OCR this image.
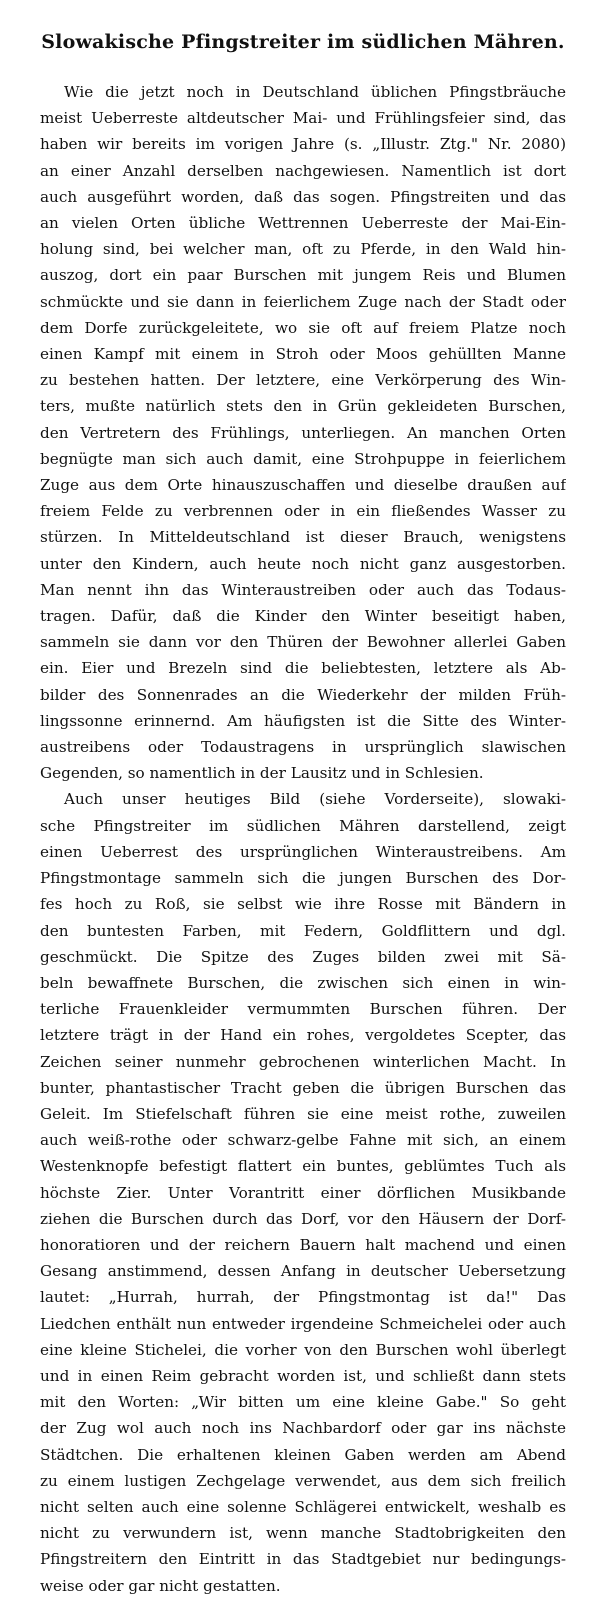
Slowakische Pfingstreiter im südlichen Mähren.
Wie die jetzt noch in Deutschland üblichen Pfingstbräuche
meist Ueberreste altdeutscher Mai- und Frühlingsfeier sind, das
haben wir bereits im vorigen Jahre (s. „Illustr. Ztg." Nr. 2080)
an einer Anzahl derselben nachgewiesen. Namentlich ist dort
auch ausgeführt worden, daß das sogen. Pfingstreiten und das
an vielen Orten übliche Wettrennen Ueberreste der Mai-Ein-
holung sind, bei welcher man, oft zu Pferde, in den Wald hin-
auszog, dort ein paar Burschen mit jungem Reis und Blumen
schmückte und sie dann in feierlichem Zuge nach der Stadt oder
dem Dorfe zurückgeleitete, wo sie oft auf freiem Platze noch
einen Kampf mit einem in Stroh oder Moos gehüllten Manne
zu bestehen hatten. Der letztere, eine Verkörperung des Win-
ters, mußte natürlich stets den in Grün gekleideten Burschen,
den Vertretern des Frühlings, unterliegen. An manchen Orten
begnügte man sich auch damit, eine Strohpuppe in feierlichem
Zuge aus dem Orte hinauszuschaffen und dieselbe draußen auf
freiem Felde zu verbrennen oder in ein fließendes Wasser zu
stürzen. In Mitteldeutschland ist dieser Brauch, wenigstens
unter den Kindern, auch heute noch nicht ganz ausgestorben.
Man nennt ihn das Winteraustreiben oder auch das Todaus-
tragen. Dafür, daß die Kinder den Winter beseitigt haben,
sammeln sie dann vor den Thüren der Bewohner allerlei Gaben
ein. Eier und Brezeln sind die beliebtesten, letztere als Ab-
bilder des Sonnenrades an die Wiederkehr der milden Früh-
lingssonne erinnernd. Am häufigsten ist die Sitte des Winter-
austreibens oder Todaustragens in ursprünglich slawischen
Gegenden, so namentlich in der Lausitz und in Schlesien.
Auch unser heutiges Bild (siehe Vorderseite), slowaki-
sche Pfingstreiter im südlichen Mähren darstellend, zeigt
einen Ueberrest des ursprünglichen Winteraustreibens. Am
Pfingstmontage sammeln sich die jungen Burschen des Dor-
fes hoch zu Roß, sie selbst wie ihre Rosse mit Bändern in
den buntesten Farben, mit Federn, Goldflittern und dgl.
geschmückt. Die Spitze des Zuges bilden zwei mit Sä-
beln bewaffnete Burschen, die zwischen sich einen in win-
terliche Frauenkleider vermummten Burschen führen. Der
letztere trägt in der Hand ein rohes, vergoldetes Scepter, das
Zeichen seiner nunmehr gebrochenen winterlichen Macht. In
bunter, phantastischer Tracht geben die übrigen Burschen das
Geleit. Im Stiefelschaft führen sie eine meist rothe, zuweilen
auch weiß-rothe oder schwarz-gelbe Fahne mit sich, an einem
Westenknopfe befestigt flattert ein buntes, geblümtes Tuch als
höchste Zier. Unter Vorantritt einer dörflichen Musikbande
ziehen die Burschen durch das Dorf, vor den Häusern der Dorf-
honoratioren und der reichern Bauern halt machend und einen
Gesang anstimmend, dessen Anfang in deutscher Uebersetzung
lautet: „Hurrah, hurrah, der Pfingstmontag ist da!" Das
Liedchen enthält nun entweder irgendeine Schmeichelei oder auch
eine kleine Stichelei, die vorher von den Burschen wohl überlegt
und in einen Reim gebracht worden ist, und schließt dann stets
mit den Worten: „Wir bitten um eine kleine Gabe." So geht
der Zug wol auch noch ins Nachbardorf oder gar ins nächste
Städtchen. Die erhaltenen kleinen Gaben werden am Abend
zu einem lustigen Zechgelage verwendet, aus dem sich freilich
nicht selten auch eine solenne Schlägerei entwickelt, weshalb es
nicht zu verwundern ist, wenn manche Stadtobrigkeiten den
Pfingstreitern den Eintritt in das Stadtgebiet nur bedingungs-
weise oder gar nicht gestatten.
